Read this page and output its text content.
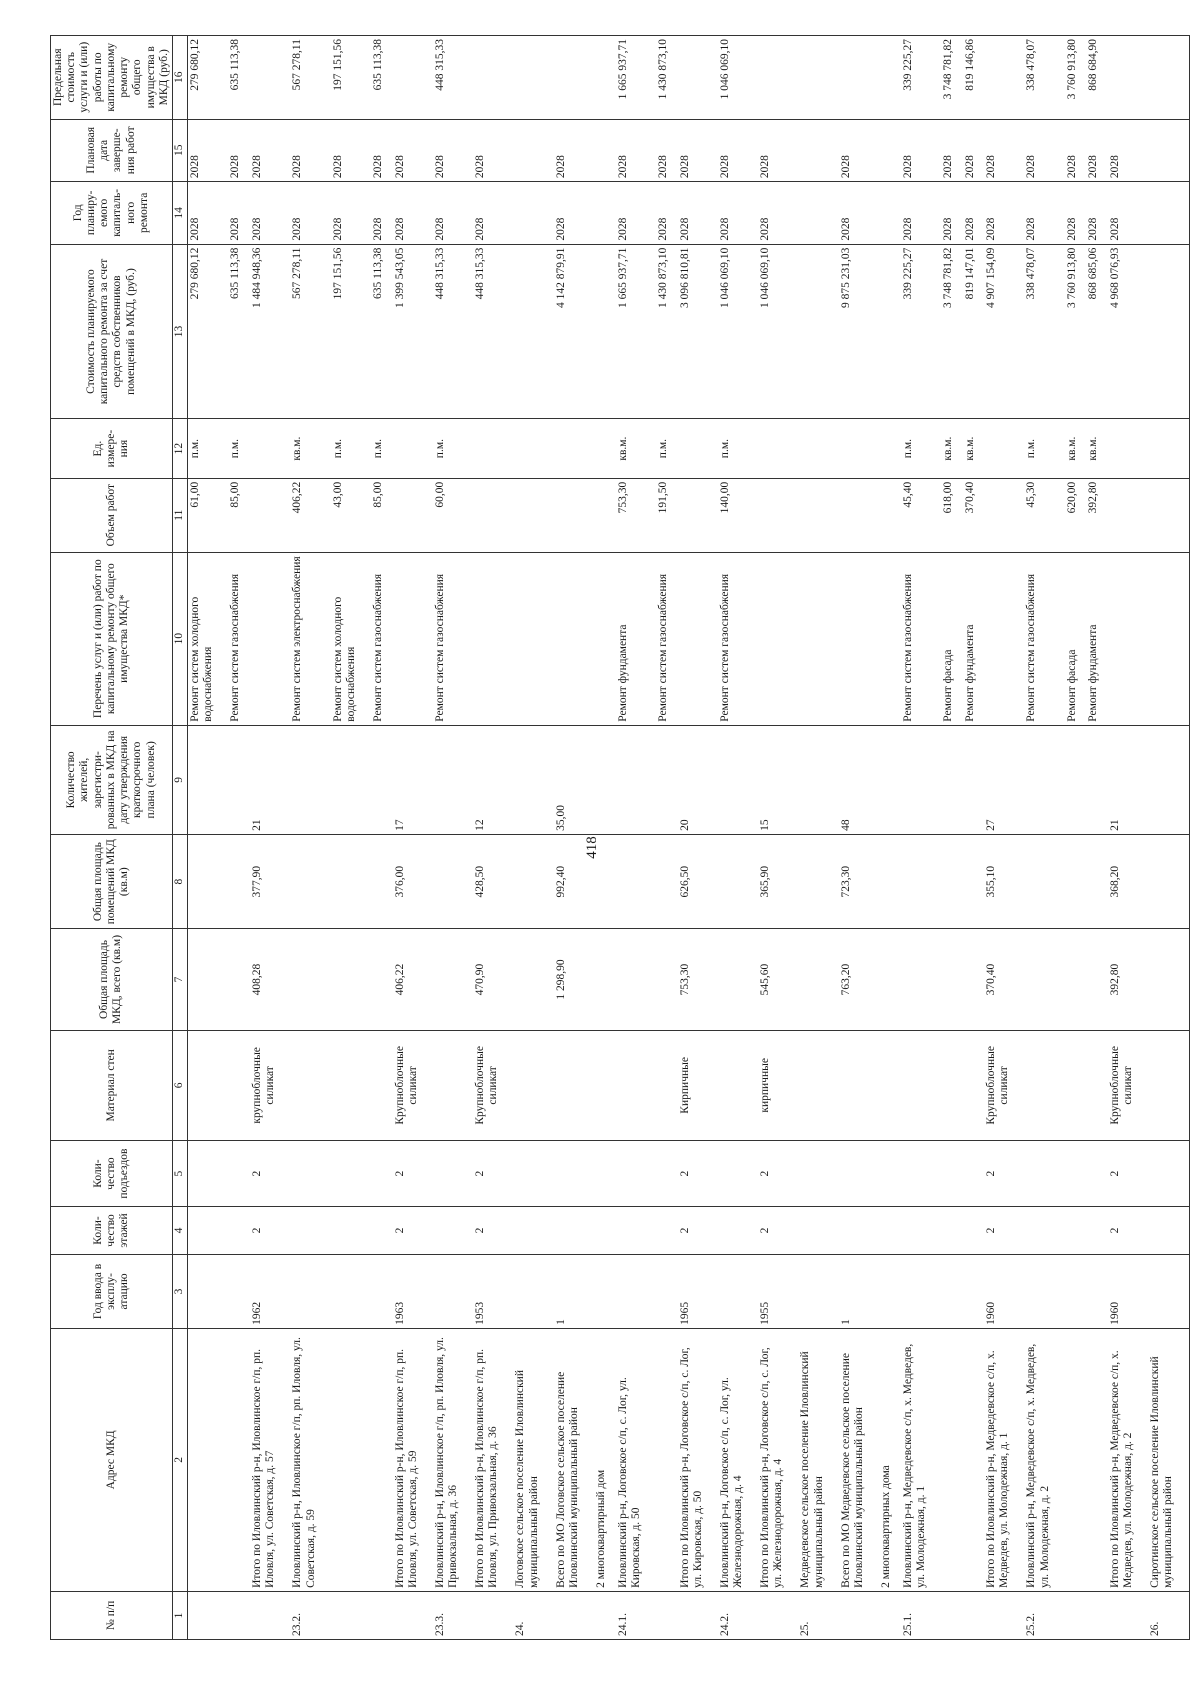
418
№ п/п	Адрес МКД	Год ввода в эксплу-атацию	Коли-чество этажей	Коли-чество подъездов	Материал стен	Общая площадь МКД, всего (кв.м)	Общая площадь помещений МКД (кв.м)	Количество жителей, зарегистри-рованных в МКД на дату утверждения краткосрочного плана (человек)	Перечень услуг и (или) работ по капитальному ремонту общего имущества МКД*	Объем работ	Ед. измере-ния	Стоимость планируемого капитального ремонта за счет средств собственников помещений в МКД, (руб.)	Год планиру-емого капиталь-ного ремонта	Плановая дата заверше-ния работ	Предельная стоимость услуги и (или) работы по капитальному ремонту общего имущества в МКД (руб.)
1	2	3	4	5	6	7	8	9	10	11	12	13	14	15	16
									Ремонт систем холодного водоснабжения	61,00	п.м.	279 680,12	2028	2028	279 680,12
									Ремонт систем газоснабжения	85,00	п.м.	635 113,38	2028	2028	635 113,38
	Итого по Иловлинский р-н, Иловлинское г/п, рп. Иловля, ул. Советская, д. 57	1962	2	2	крупноблочные силикат	408,28	377,90	21				1 484 948,36	2028	2028	
23.2.	Иловлинский р-н, Иловлинское г/п, рп. Иловля, ул. Советская, д. 59								Ремонт систем электроснабжения	406,22	кв.м.	567 278,11	2028	2028	567 278,11
									Ремонт систем холодного водоснабжения	43,00	п.м.	197 151,56	2028	2028	197 151,56
									Ремонт систем газоснабжения	85,00	п.м.	635 113,38	2028	2028	635 113,38
	Итого по Иловлинский р-н, Иловлинское г/п, рп. Иловля, ул. Советская, д. 59	1963	2	2	Крупноблочные силикат	406,22	376,00	17				1 399 543,05	2028	2028	
23.3.	Иловлинский р-н, Иловлинское г/п, рп. Иловля, ул. Привокзальная, д. 36								Ремонт систем газоснабжения	60,00	п.м.	448 315,33	2028	2028	448 315,33
	Итого по Иловлинский р-н, Иловлинское г/п, рп. Иловля, ул. Привокзальная, д. 36	1953	2	2	Крупноблочные силикат	470,90	428,50	12				448 315,33	2028	2028	
24.	Логовское сельское поселение Иловлинский муниципальный район														
	Всего по МО Логовское сельское поселение Иловлинский муниципальный район	1				1 298,90	992,40	35,00				4 142 879,91	2028	2028	
	2 многоквартирный дом														
24.1.	Иловлинский р-н, Логовское с/п, с. Лог, ул. Кировская, д. 50								Ремонт фундамента	753,30	кв.м.	1 665 937,71	2028	2028	1 665 937,71
									Ремонт систем газоснабжения	191,50	п.м.	1 430 873,10	2028	2028	1 430 873,10
	Итого по Иловлинский р-н, Логовское с/п, с. Лог, ул. Кировская, д. 50	1965	2	2	Кирпичные	753,30	626,50	20				3 096 810,81	2028	2028	
24.2.	Иловлинский р-н, Логовское с/п, с. Лог, ул. Железнодорожная, д. 4								Ремонт систем газоснабжения	140,00	п.м.	1 046 069,10	2028	2028	1 046 069,10
	Итого по Иловлинский р-н, Логовское с/п, с. Лог, ул. Железнодорожная, д. 4	1955	2	2	кирпичные	545,60	365,90	15				1 046 069,10	2028	2028	
25.	Медведевское сельское поселение Иловлинский муниципальный район														
	Всего по МО Медведевское сельское поселение Иловлинский муниципальный район	1				763,20	723,30	48				9 875 231,03	2028	2028	
	2 многоквартирных дома														
25.1.	Иловлинский р-н, Медведевское с/п, х. Медведев, ул. Молодежная, д. 1								Ремонт систем газоснабжения	45,40	п.м.	339 225,27	2028	2028	339 225,27
									Ремонт фасада	618,00	кв.м.	3 748 781,82	2028	2028	3 748 781,82
									Ремонт фундамента	370,40	кв.м.	819 147,01	2028	2028	819 146,86
	Итого по Иловлинский р-н, Медведевское с/п, х. Медведев, ул. Молодежная, д. 1	1960	2	2	Крупноблочные силикат	370,40	355,10	27				4 907 154,09	2028	2028	
25.2.	Иловлинский р-н, Медведевское с/п, х. Медведев, ул. Молодежная, д. 2								Ремонт систем газоснабжения	45,30	п.м.	338 478,07	2028	2028	338 478,07
									Ремонт фасада	620,00	кв.м.	3 760 913,80	2028	2028	3 760 913,80
									Ремонт фундамента	392,80	кв.м.	868 685,06	2028	2028	868 684,90
	Итого по Иловлинский р-н, Медведевское с/п, х. Медведев, ул. Молодежная, д. 2	1960	2	2	Крупноблочные силикат	392,80	368,20	21				4 968 076,93	2028	2028	
26.	Сиротинское сельское поселение Иловлинский муниципальный район														
